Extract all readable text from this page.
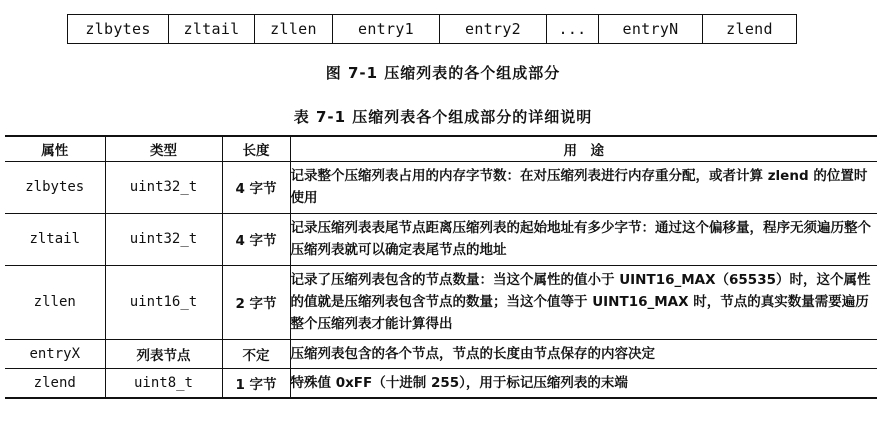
zlbytes	zltail	zllen	entry1	entry2	...	entryN	zlend
图 7-1 压缩列表的各个组成部分
表 7-1 压缩列表各个组成部分的详细说明
属性	类型	长度	用　途
zlbytes	uint32_t	4 字节	记录整个压缩列表占用的内存字节数：在对压缩列表进行内存重分配，或者计算 zlend 的位置时使用
zltail	uint32_t	4 字节	记录压缩列表表尾节点距离压缩列表的起始地址有多少字节：通过这个偏移量，程序无须遍历整个压缩列表就可以确定表尾节点的地址
zllen	uint16_t	2 字节	记录了压缩列表包含的节点数量：当这个属性的值小于 UINT16_MAX（65535）时，这个属性的值就是压缩列表包含节点的数量；当这个值等于 UINT16_MAX 时，节点的真实数量需要遍历整个压缩列表才能计算得出
entryX	列表节点	不定	压缩列表包含的各个节点，节点的长度由节点保存的内容决定
zlend	uint8_t	1 字节	特殊值 0xFF（十进制 255），用于标记压缩列表的末端
